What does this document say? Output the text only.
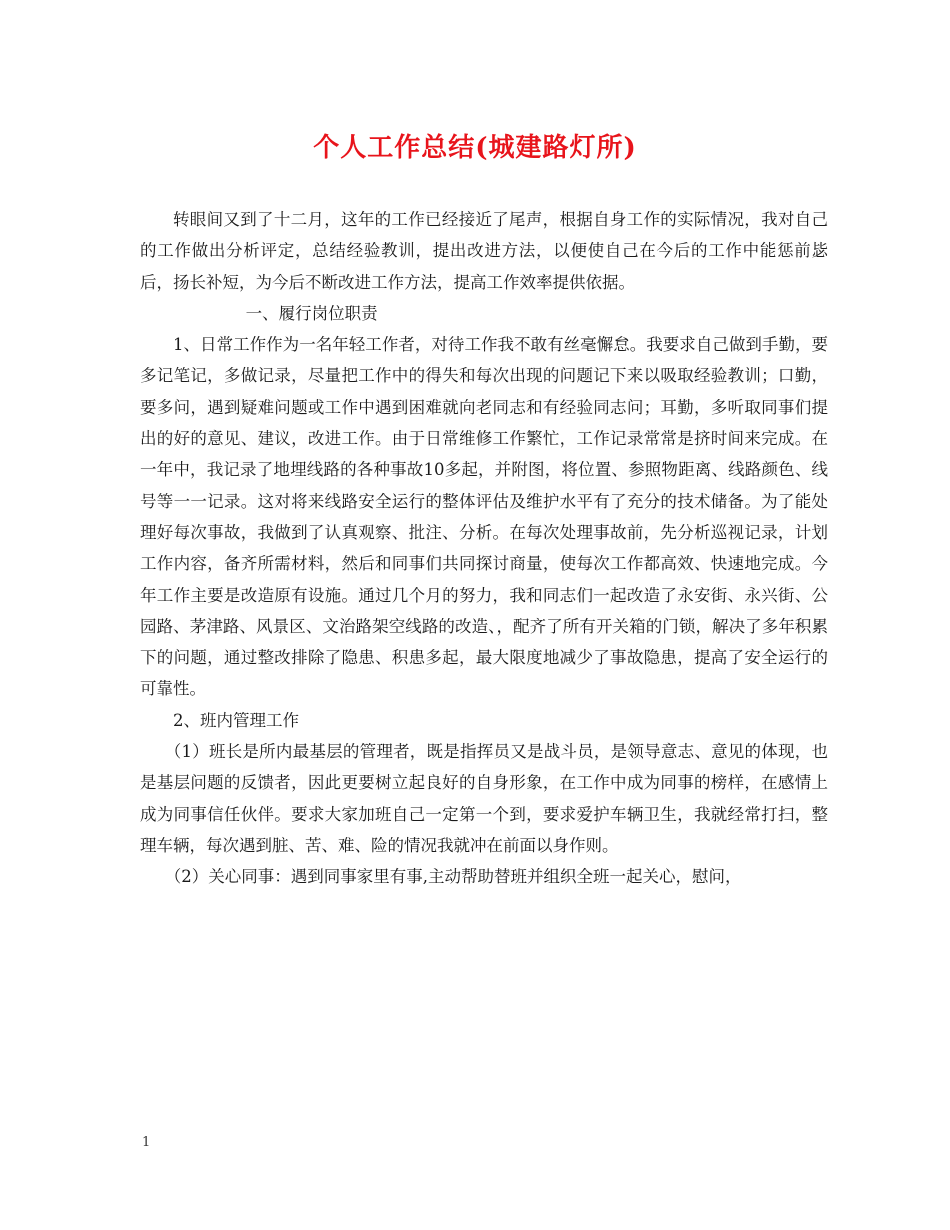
个人工作总结(城建路灯所)

转眼间又到了十二月，这年的工作已经接近了尾声，根据自身工作的实际情况，我对自己的工作做出分析评定，总结经验教训，提出改进方法，以便使自己在今后的工作中能惩前毖后，扬长补短，为今后不断改进工作方法，提高工作效率提供依据。

一、履行岗位职责

1、日常工作作为一名年轻工作者，对待工作我不敢有丝毫懈怠。我要求自己做到手勤，要多记笔记，多做记录，尽量把工作中的得失和每次出现的问题记下来以吸取经验教训；口勤，要多问，遇到疑难问题或工作中遇到困难就向老同志和有经验同志问；耳勤，多听取同事们提出的好的意见、建议，改进工作。由于日常维修工作繁忙，工作记录常常是挤时间来完成。在一年中，我记录了地埋线路的各种事故10多起，并附图，将位置、参照物距离、线路颜色、线号等一一记录。这对将来线路安全运行的整体评估及维护水平有了充分的技术储备。为了能处理好每次事故，我做到了认真观察、批注、分析。在每次处理事故前，先分析巡视记录，计划工作内容，备齐所需材料，然后和同事们共同探讨商量，使每次工作都高效、快速地完成。今年工作主要是改造原有设施。通过几个月的努力，我和同志们一起改造了永安街、永兴街、公园路、茅津路、风景区、文治路架空线路的改造、，配齐了所有开关箱的门锁，解决了多年积累下的问题，通过整改排除了隐患、积患多起，最大限度地减少了事故隐患，提高了安全运行的可靠性。

2、班内管理工作

（1）班长是所内最基层的管理者，既是指挥员又是战斗员，是领导意志、意见的体现，也是基层问题的反馈者，因此更要树立起良好的自身形象，在工作中成为同事的榜样，在感情上成为同事信任伙伴。要求大家加班自己一定第一个到，要求爱护车辆卫生，我就经常打扫，整理车辆，每次遇到脏、苦、难、险的情况我就冲在前面以身作则。

（2）关心同事：遇到同事家里有事,主动帮助替班并组织全班一起关心，慰问，

1
